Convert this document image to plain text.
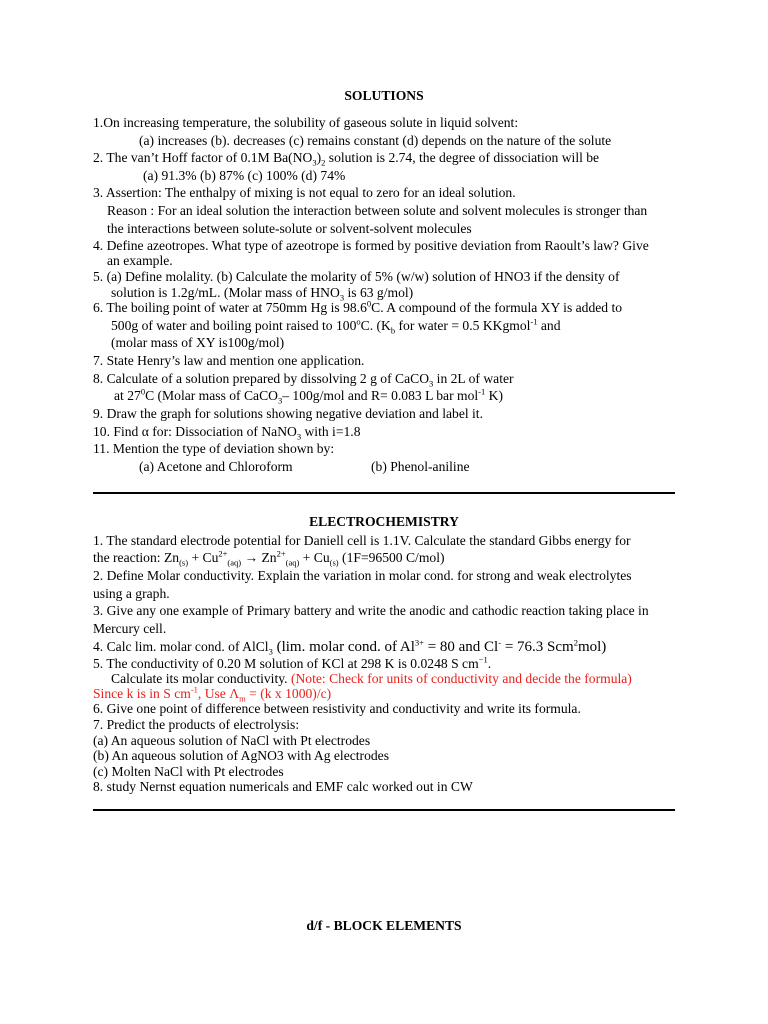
SOLUTIONS
1.On increasing temperature, the solubility of gaseous solute in liquid solvent:
(a) increases (b). decreases (c) remains constant (d) depends on the nature of the solute
2. The van’t Hoff factor of 0.1M $Ba(NO_3)_2$ solution is 2.74, the degree of dissociation will be
(a) 91.3% (b) 87% (c) 100% (d) 74%
3. Assertion: The enthalpy of mixing is not equal to zero for an ideal solution.
Reason : For an ideal solution the interaction between solute and solvent molecules is stronger than
the interactions between solute-solute or solvent-solvent molecules
4. Define azeotropes. What type of azeotrope is formed by positive deviation from Raoult’s law? Give
an example.
5. (a) Define molality. (b) Calculate the molarity of 5% (w/w) solution of HNO3 if the density of
solution is 1.2g/mL. (Molar mass of $HNO_3$ is 63 g/mol)
6. The boiling point of water at 750mm Hg is 98.6$^0$C. A compound of the formula XY is added to
500g of water and boiling point raised to 100$^o$C. ($K_b$ for water = 0.5 KKgmol$^{-1}$ and
(molar mass of XY is100g/mol)
7. State Henry’s law and mention one application.
8. Calculate of a solution prepared by dissolving 2 g of CaCO$_3$ in 2L of water
at $27^0C$ (Molar mass of CaCO$_3$– 100g/mol and R= 0.083 L bar mol$^{-1}$ K)
9. Draw the graph for solutions showing negative deviation and label it.
10. Find α for: Dissociation of NaNO$_3$ with i=1.8
11. Mention the type of deviation shown by:
(a) Acetone and Chloroform	(b) Phenol-aniline
ELECTROCHEMISTRY
1. The standard electrode potential for Daniell cell is 1.1V. Calculate the standard Gibbs energy for
the reaction: $Zn_{(s)} + Cu^{2+}_{(aq)} \to Zn^{2+}_{(aq)} + Cu_{(s)}$ (1F=96500 C/mol)
2. Define Molar conductivity. Explain the variation in molar cond. for strong and weak electrolytes
using a graph.
3. Give any one example of Primary battery and write the anodic and cathodic reaction taking place in
Mercury cell.
4. Calc lim. molar cond. of AlCl$_3$ (lim. molar cond. of $Al^{3+} = 80$ and Cl- = 76.3 Scm$^2$mol)
5. The conductivity of 0.20 M solution of KCl at 298 K is 0.0248 S $cm^{-1}$.
Calculate its molar conductivity. (Note: Check for units of conductivity and decide the formula)
Since k is in S $cm^{-1}$, Use $\Lambda_m = (k$ x 1000)/c)
6. Give one point of difference between resistivity and conductivity and write its formula.
7. Predict the products of electrolysis:
(a) An aqueous solution of NaCl with Pt electrodes
(b) An aqueous solution of AgNO3 with Ag electrodes
(c) Molten NaCl with Pt electrodes
8. study Nernst equation numericals and EMF calc worked out in CW
d/f - BLOCK ELEMENTS
